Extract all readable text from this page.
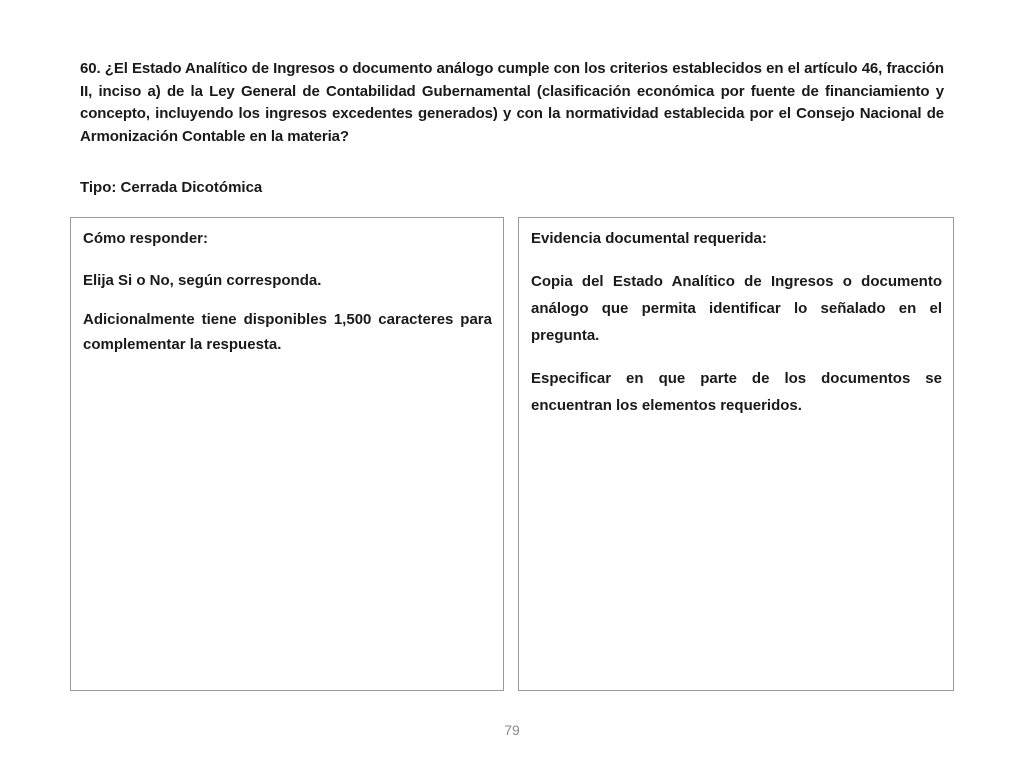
60. ¿El Estado Analítico de Ingresos o documento análogo cumple con los criterios establecidos en el artículo 46, fracción II, inciso a) de la Ley General de Contabilidad Gubernamental (clasificación económica por fuente de financiamiento y concepto, incluyendo los ingresos excedentes generados) y con la normatividad establecida por el Consejo Nacional de Armonización Contable en la materia?

Tipo: Cerrada Dicotómica

Cómo responder:

Elija Si o No, según corresponda.

Adicionalmente tiene disponibles 1,500 caracteres para complementar la respuesta.

Evidencia documental requerida:

Copia del Estado Analítico de Ingresos o documento análogo que permita identificar lo señalado en el pregunta.

Especificar en que parte de los documentos se encuentran los elementos requeridos.

79
